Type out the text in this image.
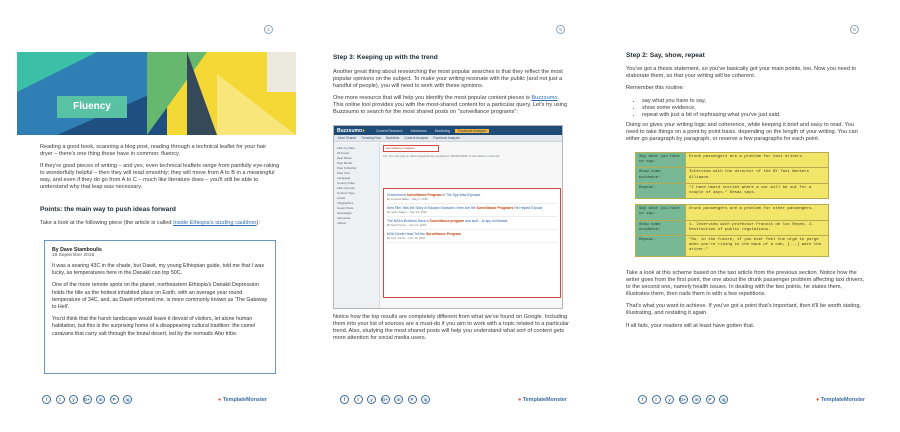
4
Fluency

Reading a good book, scanning a blog post, reading through a technical leaflet for your hair dryer – there's one thing these have in common: fluency.

If they're good pieces of writing – and yes, even technical leaflets range from painfully eye-raking to wonderfully helpful – then they will read smoothly; they will move from A to B in a meaningful way, and even if they do go from A to C – much like literature does – you'll still be able to understand why that leap was necessary.

Points: the main way to push ideas forward
Take a look at the following piece (the article is called Inside Ethiopia's sizzling cauldron):
By Dave Stamboulis
18 September 2018

It was a searing 43C in the shade, but Dawit, my young Ethiopian guide, told me that I was lucky, as temperatures here in the Danakil can top 50C.

One of the more remote spots on the planet, northeastern Ethiopia's Danakil Depression holds the title as the hottest inhabited place on Earth, with an average year round temperature of 34C, and, as Dawit informed me, is more commonly known as 'The Gateway to Hell'.

You'd think that the harsh landscape would leave it devoid of visitors, let alone human habitation, but this is the surprising home of a disappearing cultural tradition: the camel caravans that carry salt through the brutal desert, led by the nomadic Afar tribe.

f	t	y	G+	in	P	ig	● TemplateMonster
5
Step 3: Keeping up with the trend

Another great thing about researching the most popular searches is that they reflect the most popular opinions on the subject. To make your writing resonate with the public (and not just a handful of people), you will need to work with these opinions.

One more resource that will help you identify the most popular content pieces is Buzzsumo. This online tool provides you with the most-shared content for a particular query. Let's try using Buzzsumo to search for the most shared posts on "surveillance programs":

Buzzsumo●	Content Research	Influencers	Monitoring	Facebook Analyzer
Most Shared Trending Now Backlinks Content Analysis Facebook Analyzer
Filter by Date
24 Hours
Past Week
Past Month
Past 6 Months
Past Year
Language
Country Filter
Filter Domain
Content Type
Article
Infographics
Guest Posts
Giveaways
Interviews
Videos
surveillance program
Tip: You can type in other keywords by combining "ADVANCED" in the Filters on the left
Government Surveillance Program in The Spy Was Exposed
By Amanda Blake – May 5, 2018
New Film Tells the Story of Edward Snowden: Here Are the Surveillance Programs He Helped Expose
By Jason Mayer – Sep 14, 2016
The NSA's Brothers Have a Surveillance program and stuff – to spy on liberals
By Keith Turner – Sep 10, 2018
NSA Chiefs Head Tell the Surveillance Program
By Kyle Turner – Nov 16, 2016
Notice how the top results are completely different from what we've found on Google. Including them into your list of sources are a must-do if you aim to work with a topic related to a particular trend. Also, studying the most shared posts will help you understand what sort of content gets more attention for social media users.
f	t	y	G+	in	P	ig	● TemplateMonster
6
Step 2: Say, show, repeat

You've got a thesis statement, so you've basically got your main points, too. Now you need to elaborate them, so that your writing will be coherent.

Remember this routine:

• say what you have to say,
• show some evidence,
• repeat with just a bit of rephrasing what you've just said.
Doing so gives your writing logic and coherence, while keeping it brief and easy to read. You need to take things on a point by point basis, depending on the length of your writing. You can either go paragraph by paragraph, or reserve a few paragraphs for each point.
Say what you have to say:	Drunk passengers are a problem for taxi drivers.
Show some evidence:	Interview with the director of the NY Taxi Workers Alliance.
Repeat:	"I have heard stories where a car will be out for a couple of days." Desai says.

Say what you have to say:	Drunk passengers are a problem for other passengers.
Show some evidence:	1. Interview with professor Francis de los Reyes. 2. Destruction of public regulations.
Repeat:	"So, in the future, if you ever feel the urge to purge when you're riding in the back of a cab, [...] warn the driver."

Take a look at this scheme based on the taxi article from the previous section. Notice how the writer goes from the first point, the one about the drunk passenger problem affecting taxi drivers, to the second one, namely health issues. In dealing with the two points, he states them, illustrates them, then nails them in with a few repetitions.

That's what you want to achieve. If you've got a point that's important, then it'll be worth stating, illustrating, and restating it again.

If all fails, your readers will at least have gotten that.

f	t	y	G+	in	P	ig	● TemplateMonster
